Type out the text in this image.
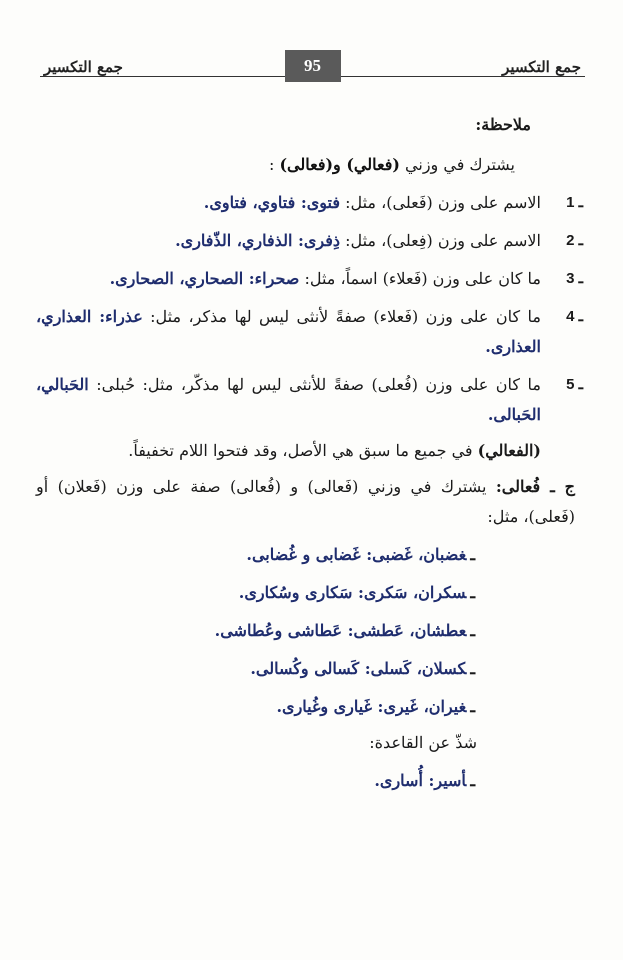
جمع التكسير
جمع التكسير	95
ملاحظة:
يشترك في وزني (فعالي) و(فعالى) :
1 ـ
الاسم على وزن (فَعلى)، مثل: فتوى: فتاوي، فتاوى.
2 ـ
الاسم على وزن (فِعلى)، مثل: ذِفرى: الذفاري، الذّفارى.
3 ـ
ما كان على وزن (فَعلاء) اسماً، مثل: صحراء: الصحاري، الصحارى.
4 ـ
ما كان على وزن (فَعلاء) صفةً لأنثى ليس لها مذكر، مثل: عذراء: العذاري، العذارى.
5 ـ
ما كان على وزن (فُعلى) صفةً للأنثى ليس لها مذكّر، مثل: حُبلى: الحَبالي، الحَبالى.
(الفعالي) في جميع ما سبق هي الأصل، وقد فتحوا اللام تخفيفاً.
ج ـ فُعالى: يشترك في وزني (فَعالى) و (فُعالى) صفة على وزن (فَعلان) أو (فَعلى)، مثل:
ـغضبان، غَضبى: غَضابى و غُضابى.
ـسكران، سَكرى: سَكارى وسُكارى.
ـعطشان، عَطشى: عَطاشى وعُطاشى.
ـكسلان، كَسلى: كَسالى وكُسالى.
ـغيران، غَيرى: غَيارى وغُيارى.
شذّ عن القاعدة:
ـأسير: أُسارى.
